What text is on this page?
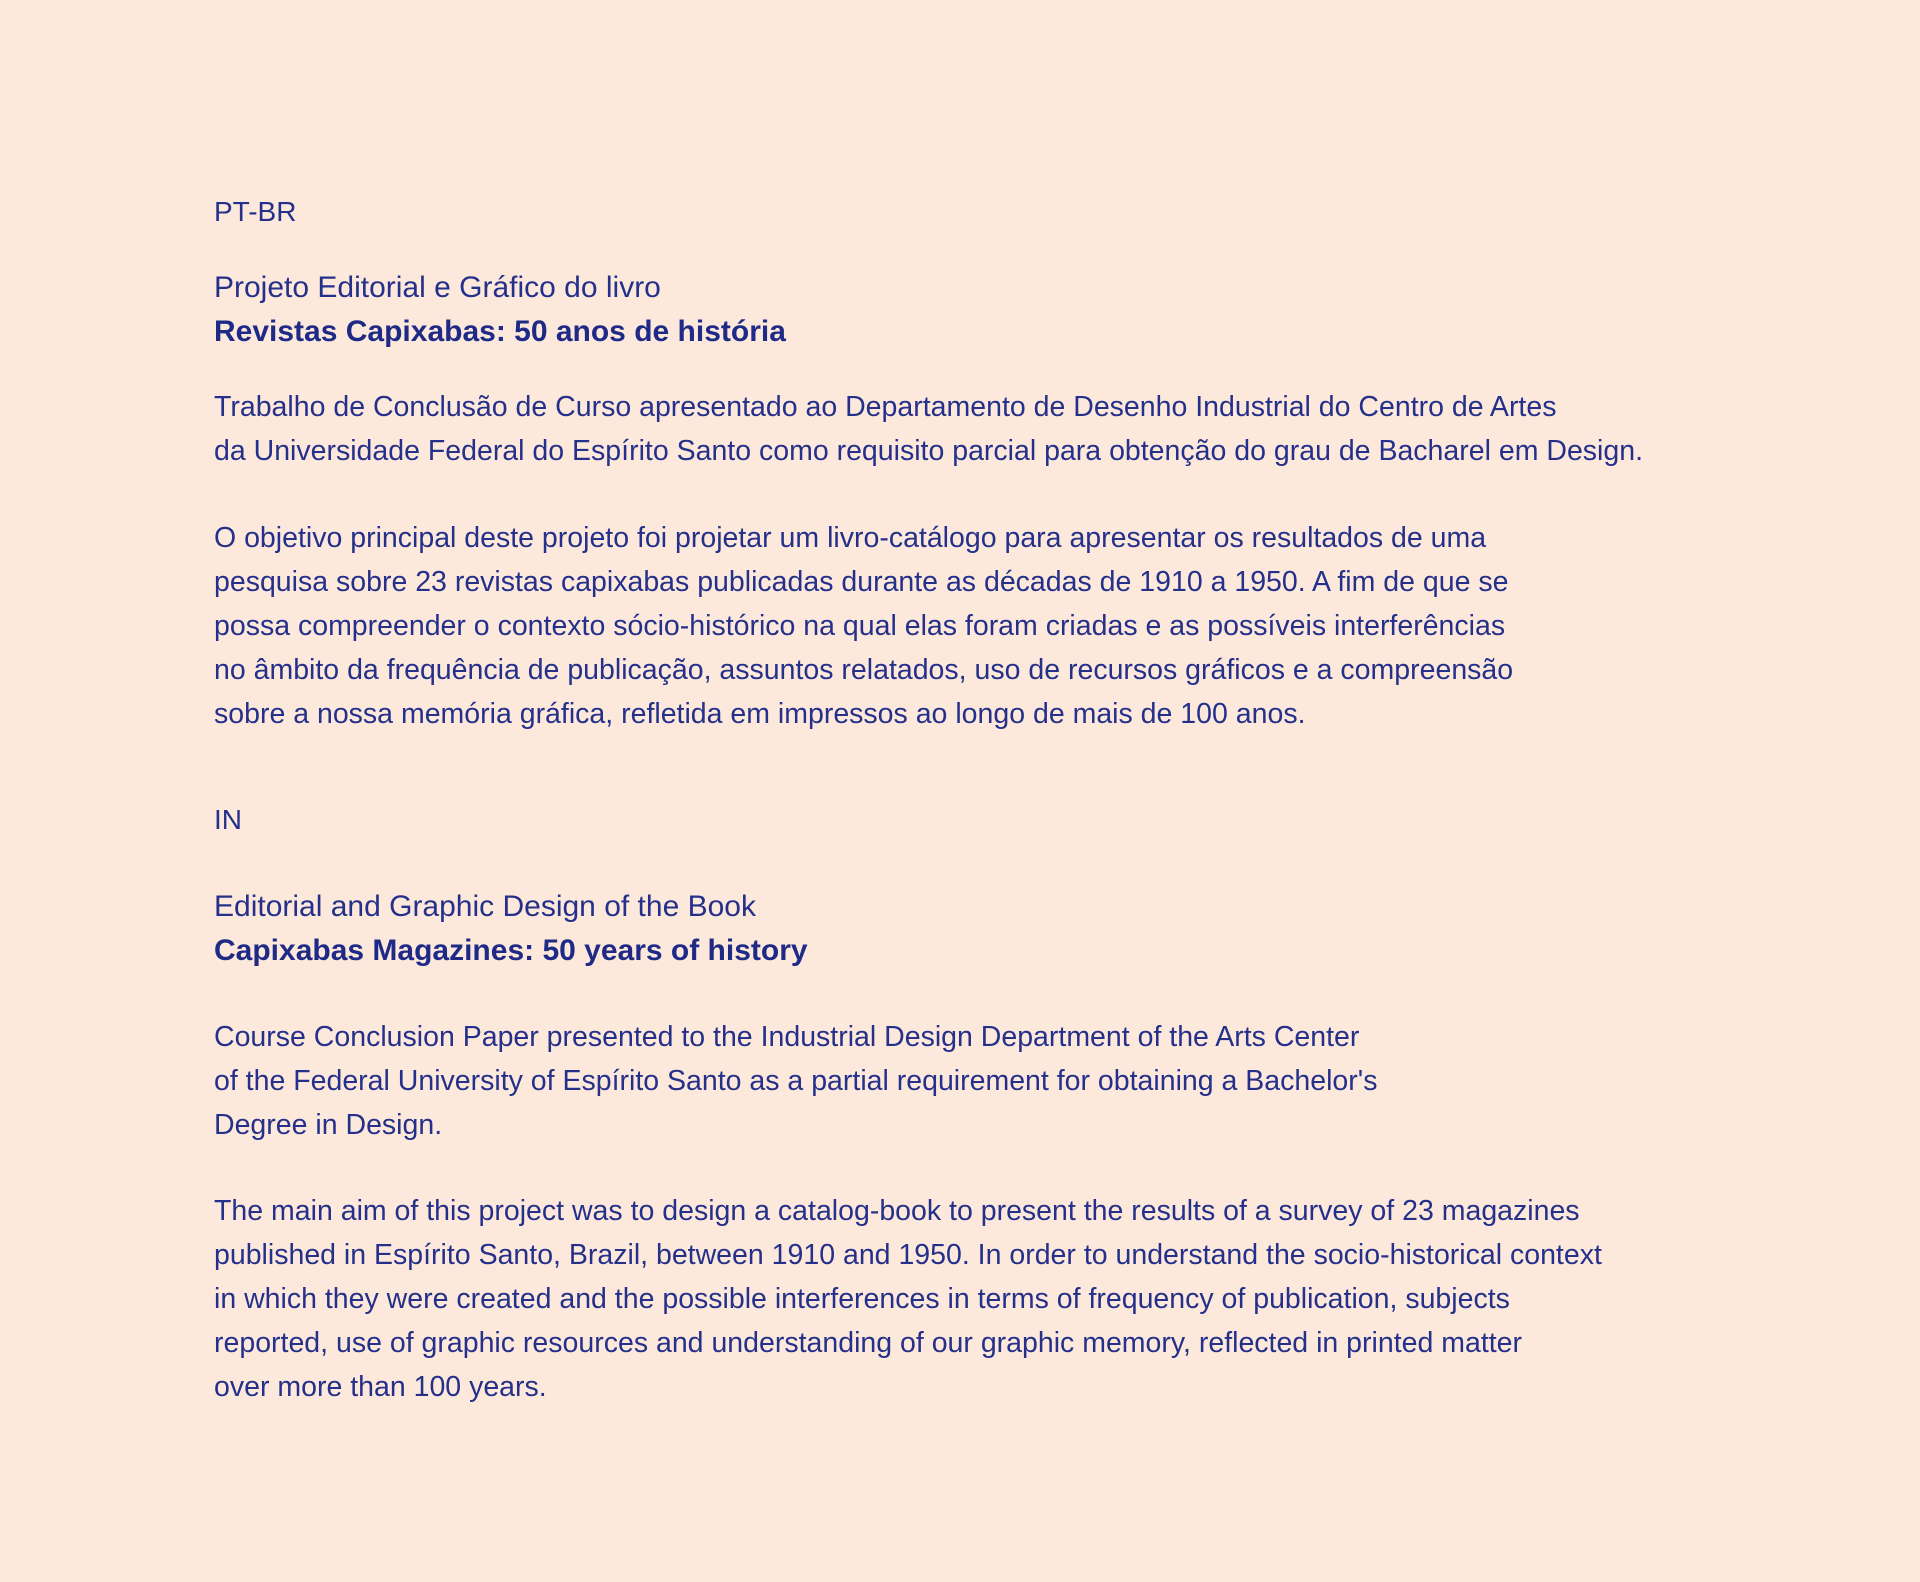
PT-BR

Projeto Editorial e Gráfico do livro
Revistas Capixabas: 50 anos de história
Trabalho de Conclusão de Curso apresentado ao Departamento de Desenho Industrial do Centro de Artes
da Universidade Federal do Espírito Santo como requisito parcial para obtenção do grau de Bacharel em Design.
O objetivo principal deste projeto foi projetar um livro-catálogo para apresentar os resultados de uma
pesquisa sobre 23 revistas capixabas publicadas durante as décadas de 1910 a 1950. A fim de que se
possa compreender o contexto sócio-histórico na qual elas foram criadas e as possíveis interferências
no âmbito da frequência de publicação, assuntos relatados, uso de recursos gráficos e a compreensão
sobre a nossa memória gráfica, refletida em impressos ao longo de mais de 100 anos.

IN

Editorial and Graphic Design of the Book
Capixabas Magazines: 50 years of history
Course Conclusion Paper presented to the Industrial Design Department of the Arts Center
of the Federal University of Espírito Santo as a partial requirement for obtaining a Bachelor's
Degree in Design.
The main aim of this project was to design a catalog-book to present the results of a survey of 23 magazines
published in Espírito Santo, Brazil, between 1910 and 1950. In order to understand the socio-historical context
in which they were created and the possible interferences in terms of frequency of publication, subjects
reported, use of graphic resources and understanding of our graphic memory, reflected in printed matter
over more than 100 years.
